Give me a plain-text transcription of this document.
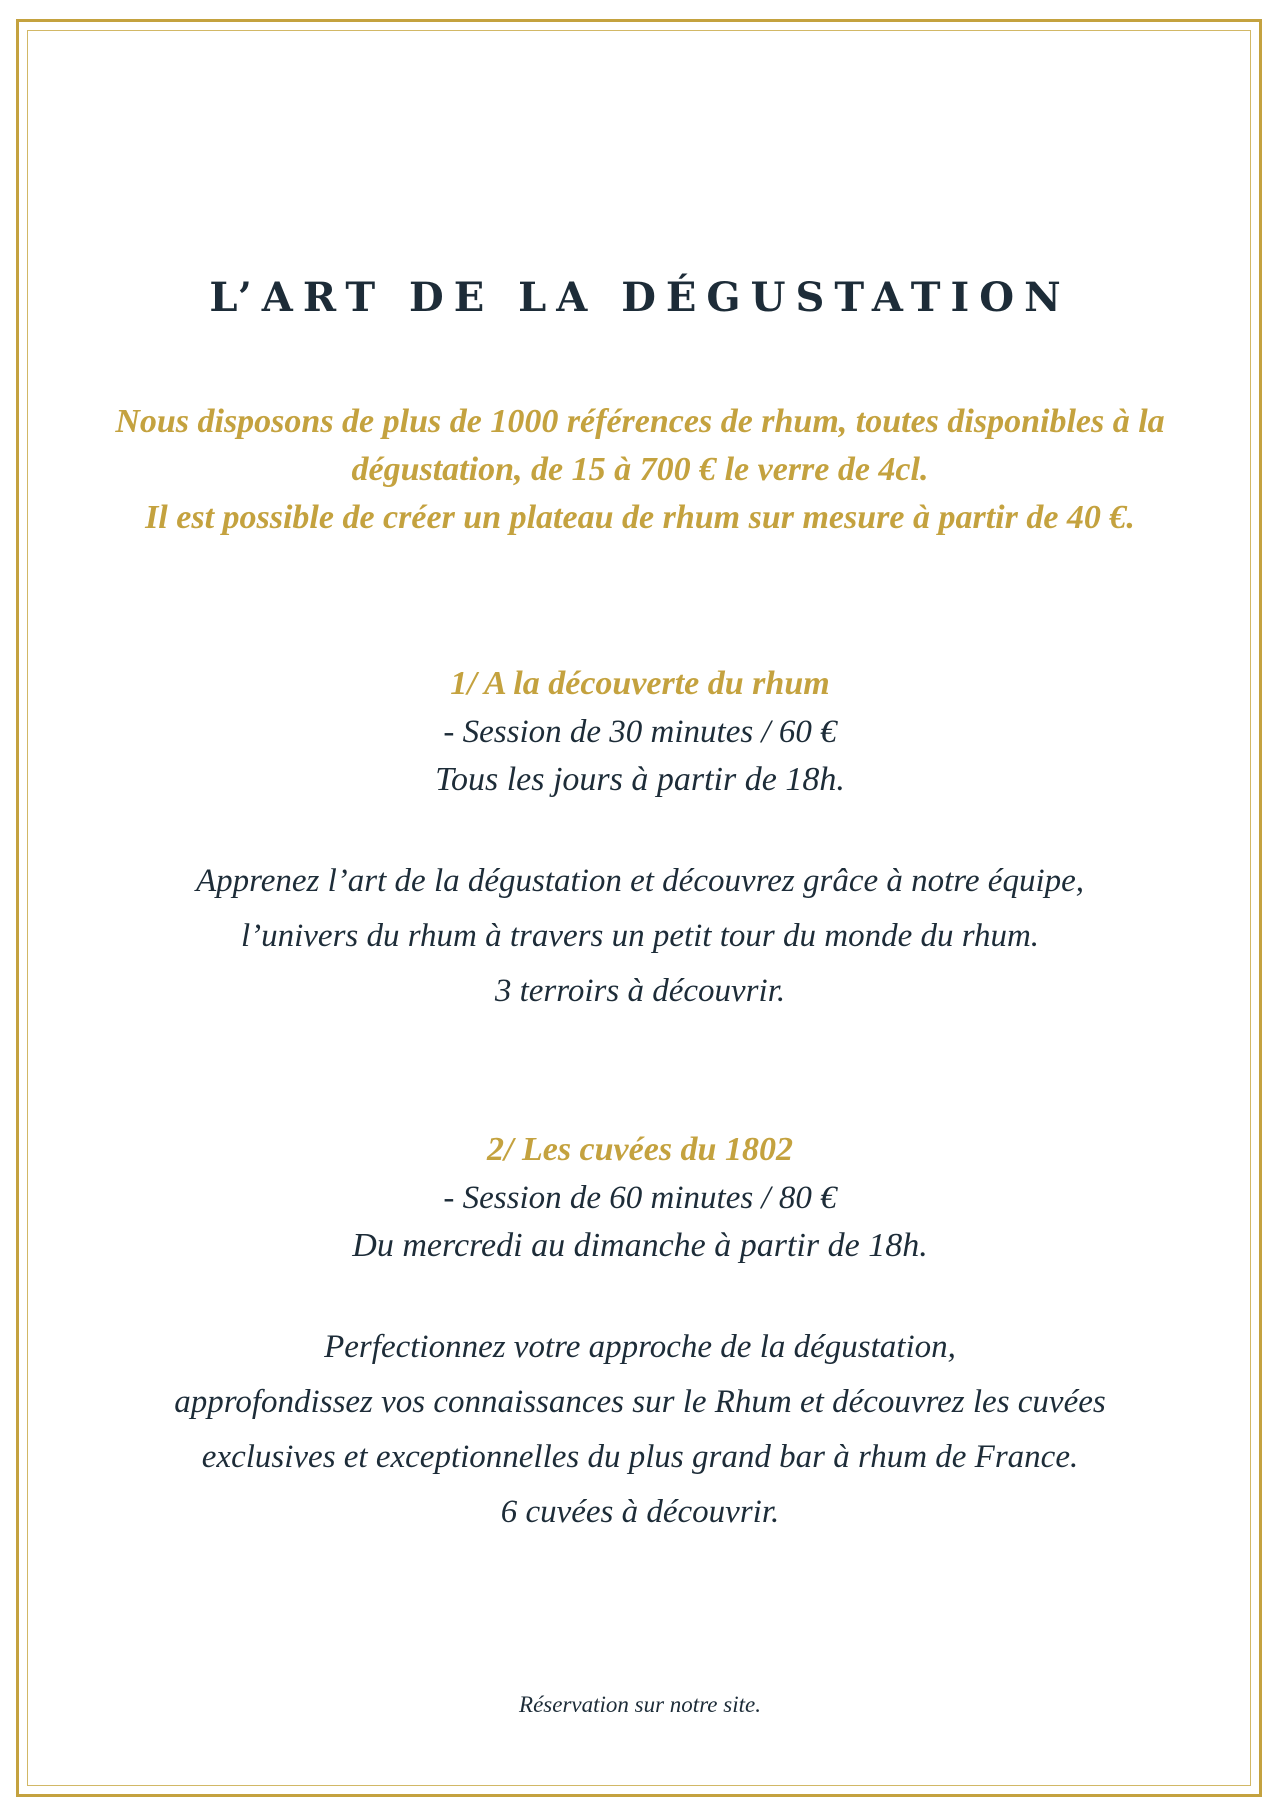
L’ART DE LA DÉGUSTATION

Nous disposons de plus de 1000 références de rhum, toutes disponibles à la
dégustation, de 15 à 700 € le verre de 4cl.
Il est possible de créer un plateau de rhum sur mesure à partir de 40 €.

1/ A la découverte du rhum
- Session de 30 minutes / 60 €
Tous les jours à partir de 18h.

Apprenez l’art de la dégustation et découvrez grâce à notre équipe,
l’univers du rhum à travers un petit tour du monde du rhum.
3 terroirs à découvrir.

2/ Les cuvées du 1802
- Session de 60 minutes / 80 €
Du mercredi au dimanche à partir de 18h.

Perfectionnez votre approche de la dégustation,
approfondissez vos connaissances sur le Rhum et découvrez les cuvées
exclusives et exceptionnelles du plus grand bar à rhum de France.
6 cuvées à découvrir.

Réservation sur notre site.
